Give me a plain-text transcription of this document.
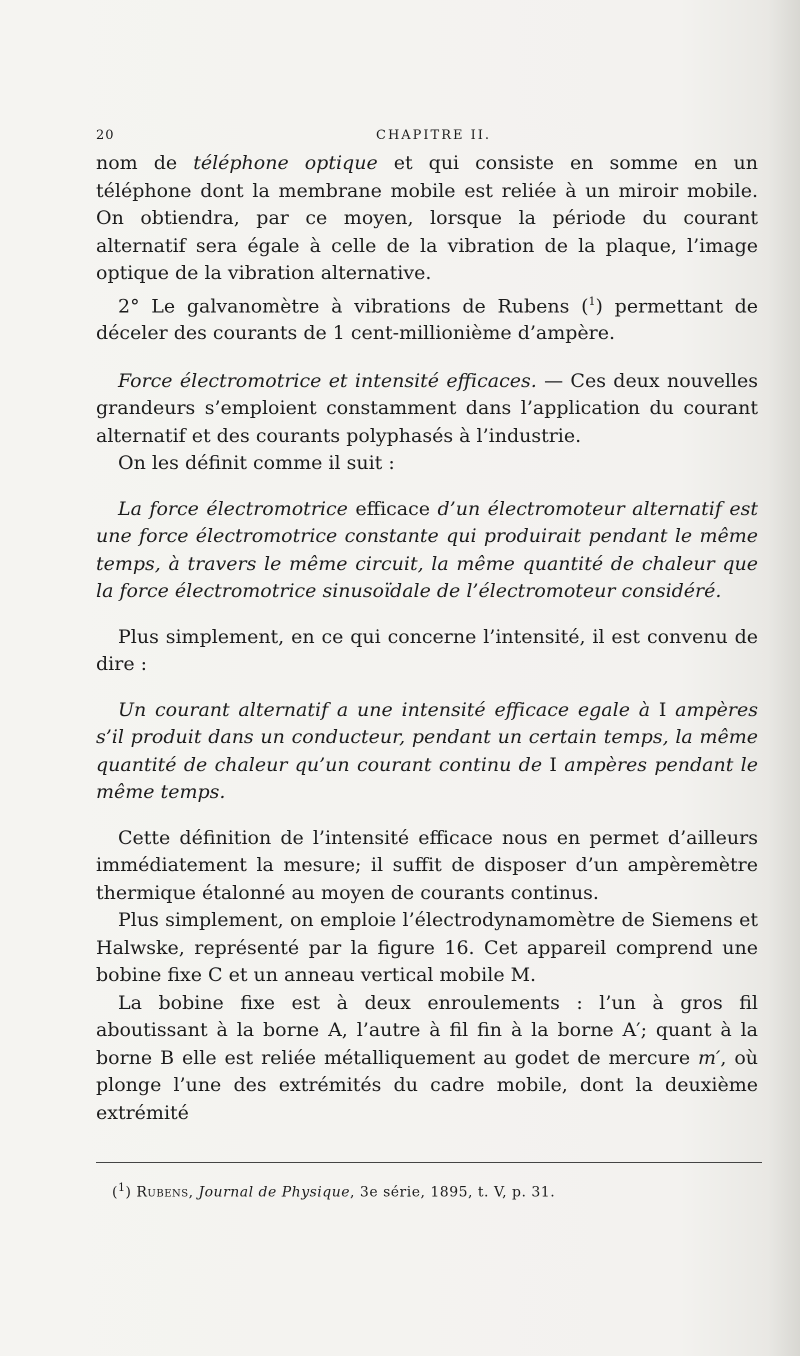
20	CHAPITRE II.

nom de téléphone optique et qui consiste en somme en un téléphone dont la membrane mobile est reliée à un miroir mobile. On obtiendra, par ce moyen, lorsque la période du courant alternatif sera égale à celle de la vibration de la plaque, l’image optique de la vibration alternative.

2° Le galvanomètre à vibrations de Rubens ($^1$) permettant de déceler des courants de 1 cent-millionième d’ampère.

Force électromotrice et intensité efficaces. — Ces deux nouvelles grandeurs s’emploient constamment dans l’application du courant alternatif et des courants polyphasés à l’industrie.

On les définit comme il suit :

La force électromotrice efficace d’un électromoteur alternatif est une force électromotrice constante qui produirait pendant le même temps, à travers le même circuit, la même quantité de chaleur que la force électromotrice sinusoïdale de l’électromoteur considéré.

Plus simplement, en ce qui concerne l’intensité, il est convenu de dire :

Un courant alternatif a une intensité efficace egale à I ampères s’il produit dans un conducteur, pendant un certain temps, la même quantité de chaleur qu’un courant continu de I ampères pendant le même temps.

Cette définition de l’intensité efficace nous en permet d’ailleurs immédiatement la mesure; il suffit de disposer d’un ampèremètre thermique étalonné au moyen de courants continus.

Plus simplement, on emploie l’électrodynamomètre de Siemens et Halwske, représenté par la figure 16. Cet appareil comprend une bobine fixe C et un anneau vertical mobile M.

La bobine fixe est à deux enroulements : l’un à gros fil aboutissant à la borne A, l’autre à fil fin à la borne A′; quant à la borne B elle est reliée métalliquement au godet de mercure m′, où plonge l’une des extrémités du cadre mobile, dont la deuxième extrémité

($^1$) Rubens, Journal de Physique, 3e série, 1895, t. V, p. 31.
